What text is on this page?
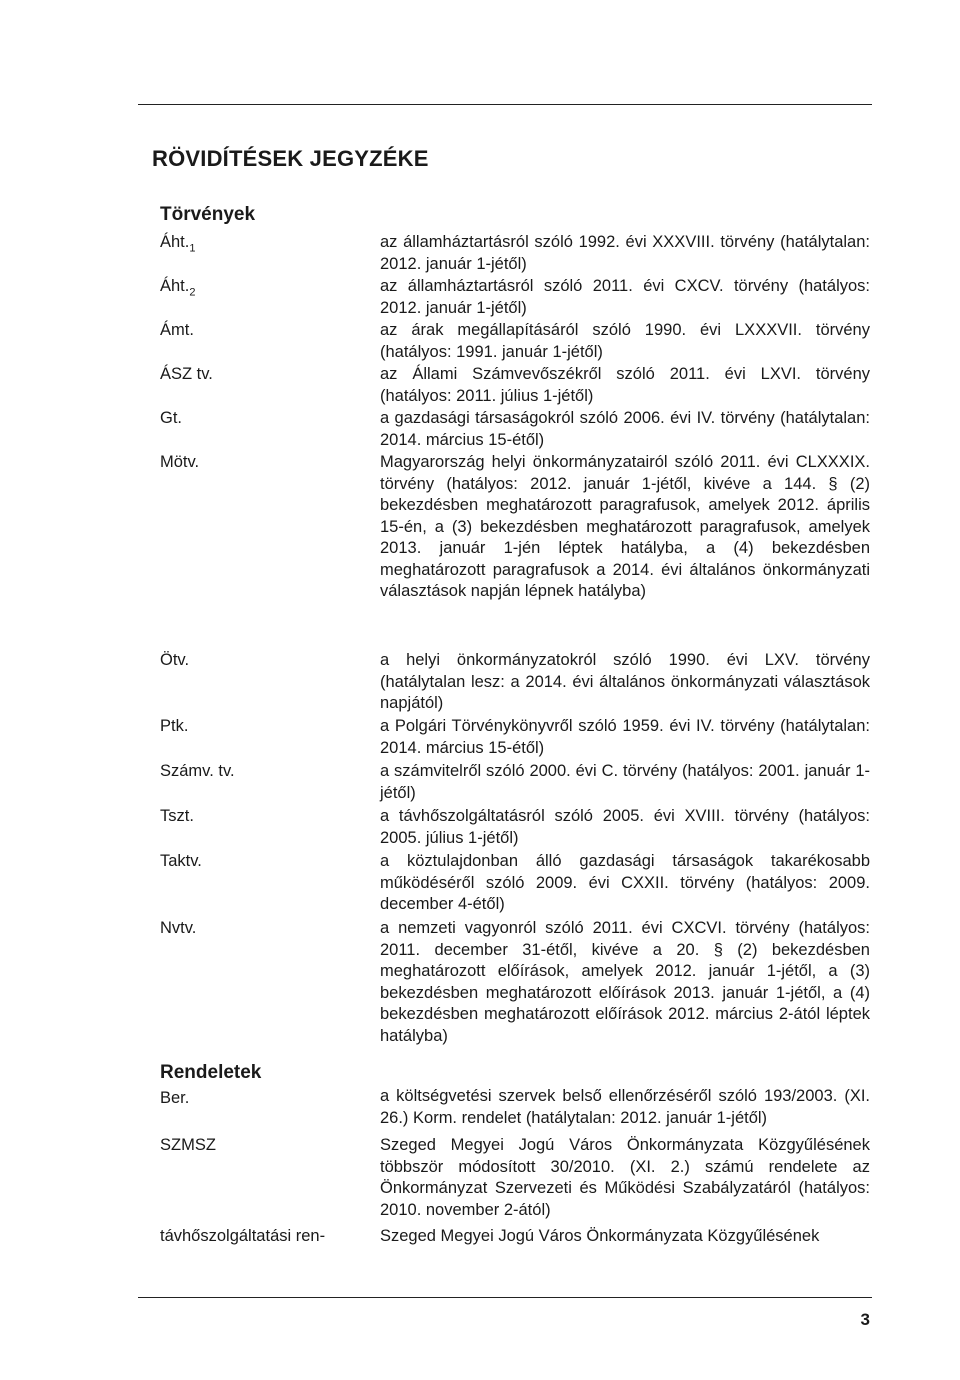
RÖVIDÍTÉSEK JEGYZÉKE
Törvények
$Áht._1$	az államháztartásról szóló 1992. évi XXXVIII. törvény (hatálytalan: 2012. január 1-jétől)
$Áht._2$	az államháztartásról szóló 2011. évi CXCV. törvény (hatályos: 2012. január 1-jétől)
Ámt.	az árak megállapításáról szóló 1990. évi LXXXVII. törvény (hatályos: 1991. január 1-jétől)
ÁSZ tv.	az Állami Számvevőszékről szóló 2011. évi LXVI. törvény (hatályos: 2011. július 1-jétől)
Gt.	a gazdasági társaságokról szóló 2006. évi IV. törvény (hatálytalan: 2014. március 15-étől)
Mötv.	Magyarország helyi önkormányzatairól szóló 2011. évi CLXXXIX. törvény (hatályos: 2012. január 1-jétől, kivéve a 144. § (2) bekezdésben meghatározott paragrafusok, amelyek 2012. április 15-én, a (3) bekezdésben meghatározott paragrafusok, amelyek 2013. január 1-jén léptek hatályba, a (4) bekezdésben meghatározott paragrafusok a 2014. évi általános önkormányzati választások napján lépnek hatályba)
Ötv.	a helyi önkormányzatokról szóló 1990. évi LXV. törvény (hatálytalan lesz: a 2014. évi általános önkormányzati választások napjától)
Ptk.	a Polgári Törvénykönyvről szóló 1959. évi IV. törvény (hatálytalan: 2014. március 15-étől)
Számv. tv.	a számvitelről szóló 2000. évi C. törvény (hatályos: 2001. január 1-jétől)
Tszt.	a távhőszolgáltatásról szóló 2005. évi XVIII. törvény (hatályos: 2005. július 1-jétől)
Taktv.	a köztulajdonban álló gazdasági társaságok takarékosabb működéséről szóló 2009. évi CXXII. törvény (hatályos: 2009. december 4-étől)
Nvtv.	a nemzeti vagyonról szóló 2011. évi CXCVI. törvény (hatályos: 2011. december 31-étől, kivéve a 20. § (2) bekezdésben meghatározott előírások, amelyek 2012. január 1-jétől, a (3) bekezdésben meghatározott előírások 2013. január 1-jétől, a (4) bekezdésben meghatározott előírások 2012. március 2-ától léptek hatályba)
Rendeletek
Ber.	a költségvetési szervek belső ellenőrzéséről szóló 193/2003. (XI. 26.) Korm. rendelet (hatálytalan: 2012. január 1-jétől)
SZMSZ	Szeged Megyei Jogú Város Önkormányzata Közgyűlésének többször módosított 30/2010. (XI. 2.) számú rendelete az Önkormányzat Szervezeti és Működési Szabályzatáról (hatályos: 2010. november 2-ától)
távhőszolgáltatási ren-	Szeged Megyei Jogú Város Önkormányzata Közgyűlésének
3
